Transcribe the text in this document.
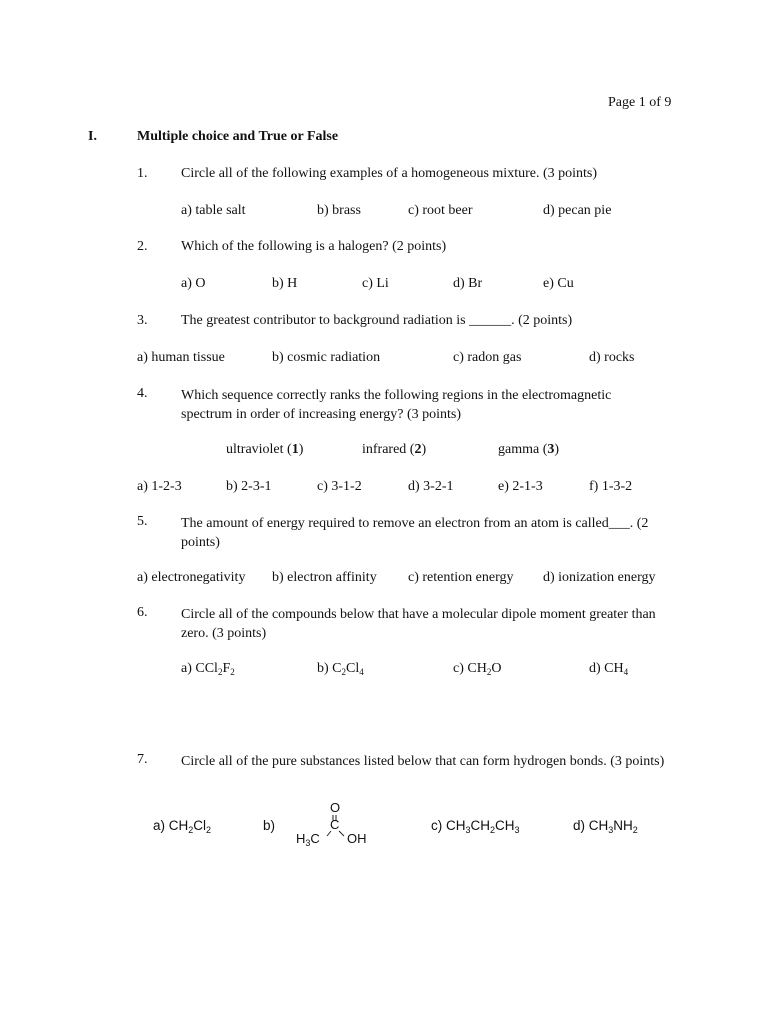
Page 1 of 9
I.	Multiple choice and True or False
1. Circle all of the following examples of a homogeneous mixture. (3 points)
a) table salt	b) brass	c) root beer	d) pecan pie
2. Which of the following is a halogen? (2 points)
a) O	b) H	c) Li	d) Br	e) Cu
3. The greatest contributor to background radiation is ______. (2 points)
a) human tissue	b) cosmic radiation	c) radon gas	d) rocks
4. Which sequence correctly ranks the following regions in the electromagnetic spectrum in order of increasing energy? (3 points)
ultraviolet (1)	infrared (2)	gamma (3)
a) 1-2-3	b) 2-3-1	c) 3-1-2	d) 3-2-1	e) 2-1-3	f) 1-3-2
5. The amount of energy required to remove an electron from an atom is called___. (2 points)
a) electronegativity b) electron affinity c) retention energy d) ionization energy
6. Circle all of the compounds below that have a molecular dipole moment greater than zero. (3 points)
a) $CCl_2F_2$	b) $C_2Cl_4$	c) $CH_2O$	d) $CH_4$
7. Circle all of the pure substances listed below that can form hydrogen bonds. (3 points)
a) $CH_2Cl_2$	b)
O
C
$H_3C$ OH
c) $CH_3CH_2CH_3$	d) $CH_3NH_2$
